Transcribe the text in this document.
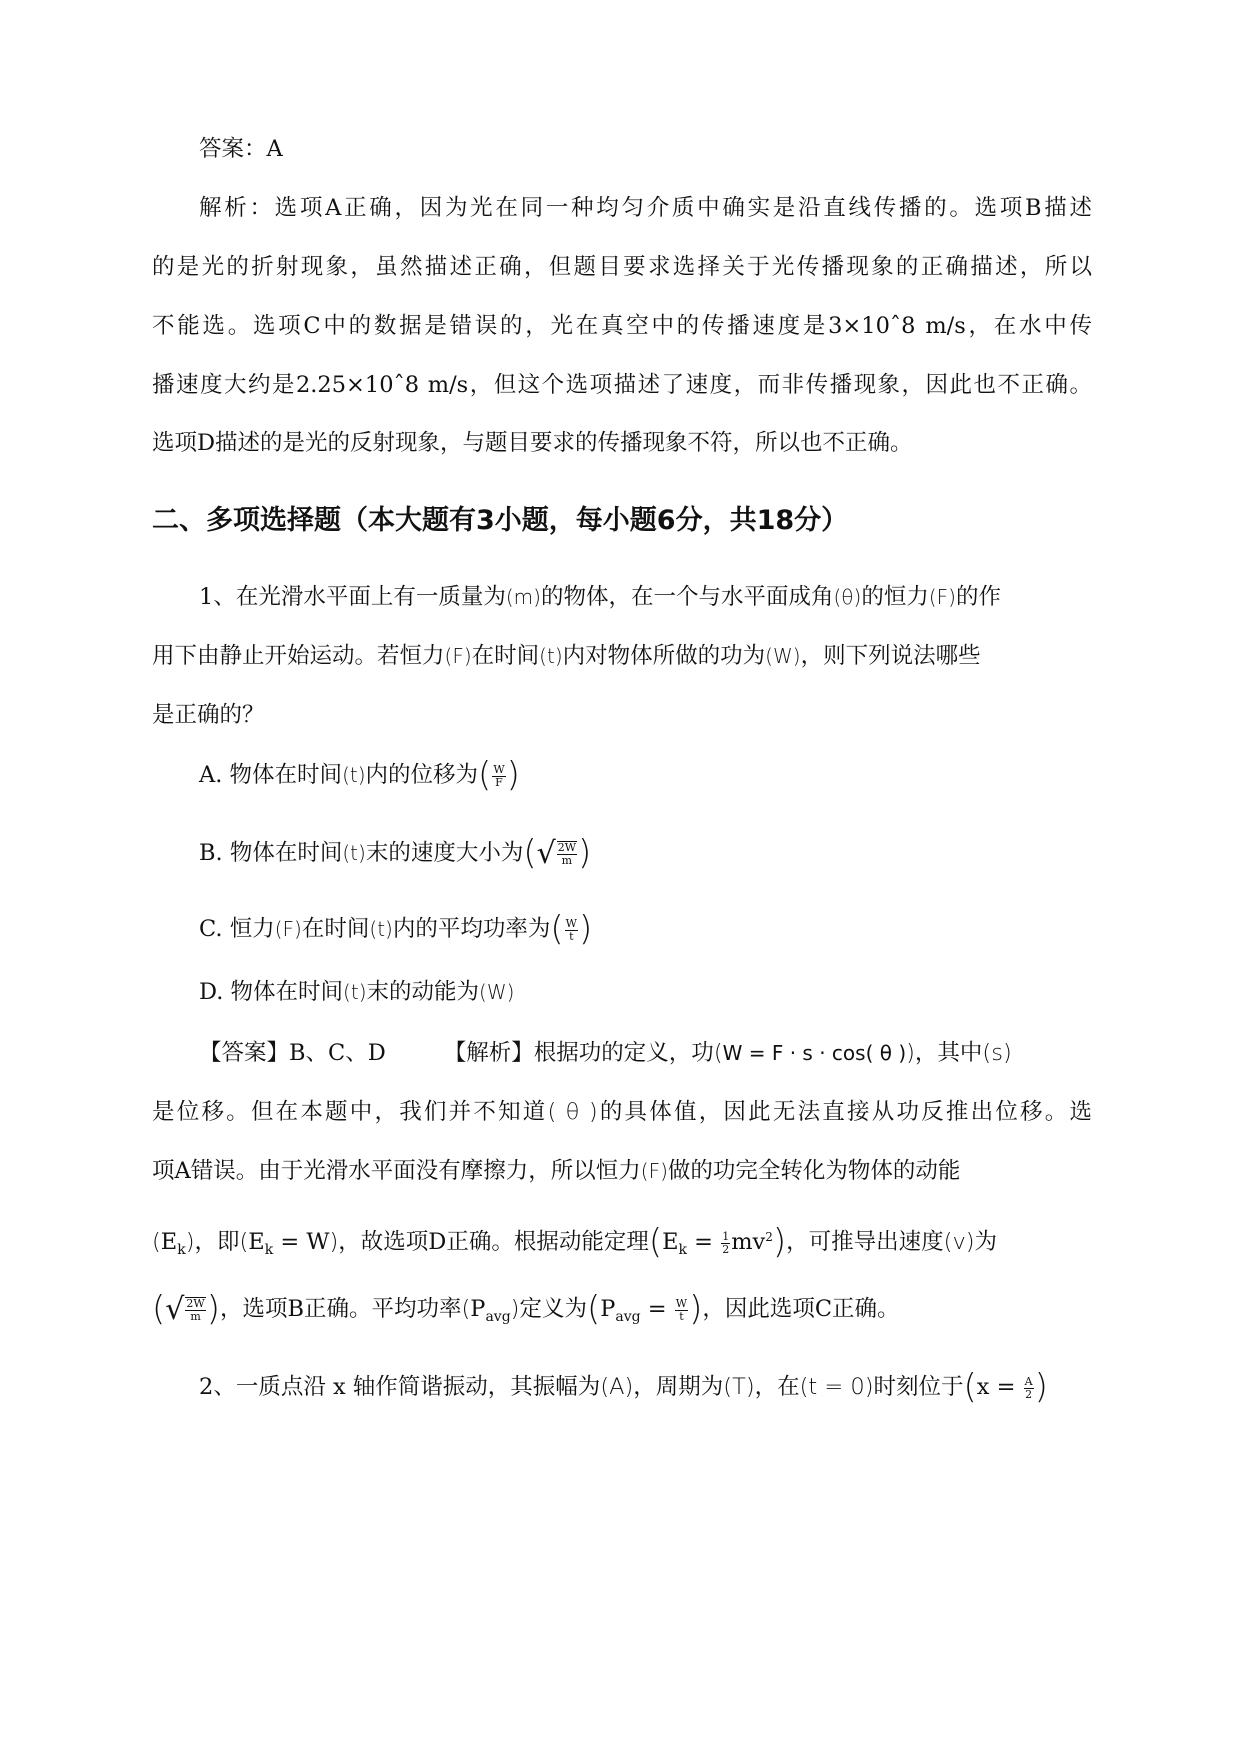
答案：A
解析：选项A正确，因为光在同一种均匀介质中确实是沿直线传播的。选项B描述
的是光的折射现象，虽然描述正确，但题目要求选择关于光传播现象的正确描述，所以
不能选。选项C中的数据是错误的，光在真空中的传播速度是3×10ˆ8 m/s，在水中传
播速度大约是2.25×10ˆ8 m/s，但这个选项描述了速度，而非传播现象，因此也不正确。
选项D描述的是光的反射现象，与题目要求的传播现象不符，所以也不正确。
二、多项选择题（本大题有3小题，每小题6分，共18分）
1、在光滑水平面上有一质量为(m)的物体，在一个与水平面成角(θ)的恒力(F)的作
用下由静止开始运动。若恒力(F)在时间(t)内对物体所做的功为(W)，则下列说法哪些
是正确的？
A. 物体在时间(t)内的位移为( $\frac{W}{F}$ )
B. 物体在时间(t)末的速度大小为(√ $\frac{2W}{m}$ )
C. 恒力(F)在时间(t)内的平均功率为( $\frac{W}{t}$ )
D. 物体在时间(t)末的动能为(W)
【答案】B、C、D	【解析】根据功的定义，功(W = F · s · cos( θ ))，其中(s)
是位移。但在本题中，我们并不知道( θ )的具体值，因此无法直接从功反推出位移。选
项A错误。由于光滑水平面没有摩擦力，所以恒力(F)做的功完全转化为物体的动能
$(E_k)$，即$(E_k = W)$，故选项D正确。根据动能定理$(E_k = \frac{1}{2} mv^2)$，可推导出速度(v)为
(√ $\frac{2W}{m}$ )，选项B正确。平均功率$(P_{avg})$定义为($P_{avg} = \frac{W}{t}$ )，因此选项C正确。
2、一质点沿 x 轴作简谐振动，其振幅为(A)，周期为(T)，在(t = 0)时刻位于($x = \frac{A}{2}$ )
